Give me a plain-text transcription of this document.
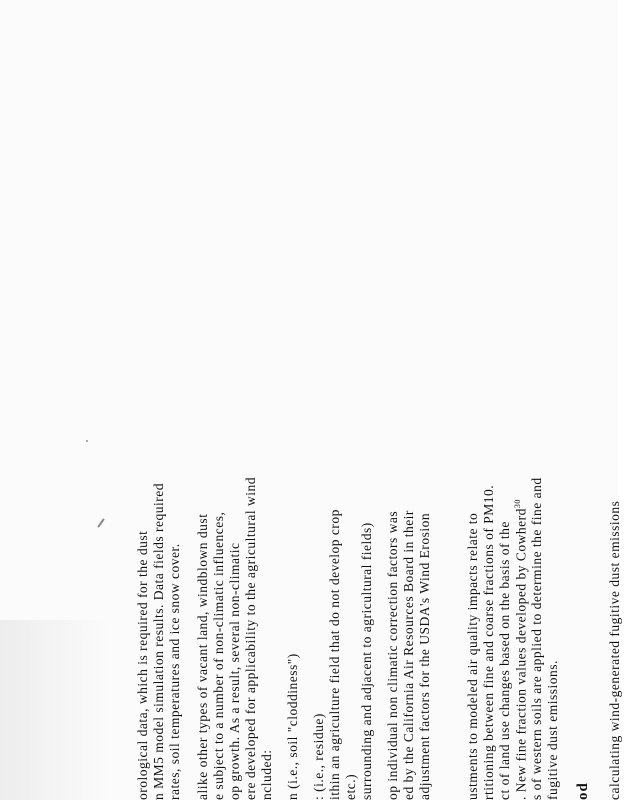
orological data, which is required for the dust n MM5 model simulation results. Data fields required rates, soil temperatures and ice snow cover. alike other types of vacant land, windblown dust e subject to a number of non-climatic influences, op growth. As a result, several non-climatic ere developed for applicability to the agricultural wind ncluded: n (i.e., soil "cloddiness") : (i.e., residue) ithin an agriculture field that do not develop crop etc.) surrounding and adjacent to agricultural fields) op individual non climatic correction factors was ed by the California Air Resources Board in their adjustment factors for the USDA's Wind Erosion ustments to modeled air quality impacts relate to rtitioning between fine and coarse fractions of PM10. ct of land use changes based on the basis of the . New fine fraction values developed by Cowherd$^{30}$ s of western soils are applied to determine the fine and fugitive dust emissions. od calculating wind-generated fugitive dust emissions
